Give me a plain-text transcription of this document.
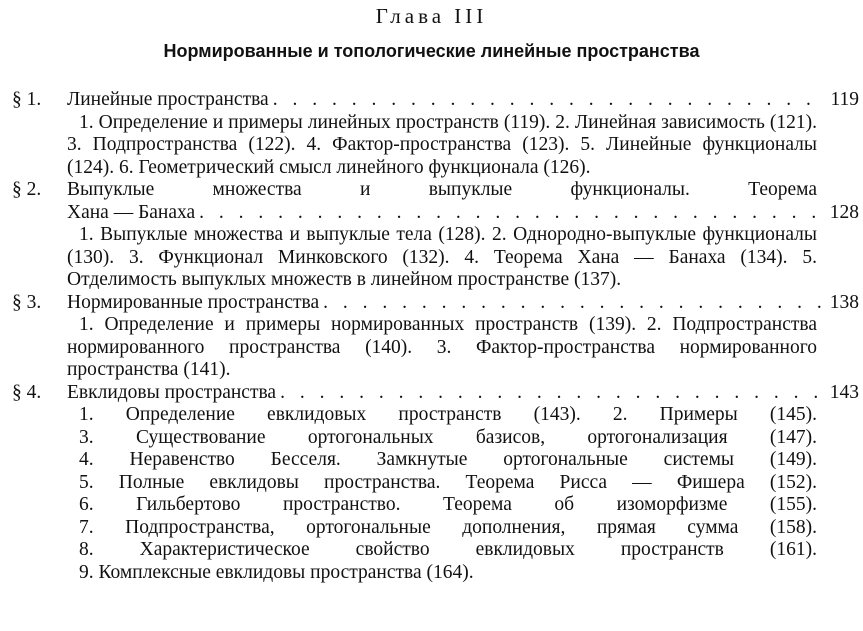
Глава III
Нормированные и топологические линейные пространства
§ 1. Линейные пространства . . .	119
1. Определение и примеры линейных пространств (119). 2. Линейная зависимость (121). 3. Подпространства (122). 4. Фактор-пространства (123). 5. Линейные функционалы (124). 6. Геометрический смысл линейного функционала (126).
§ 2. Выпуклые множества и выпуклые функционалы. Теорема
Хана — Банаха . . .	128
1. Выпуклые множества и выпуклые тела (128). 2. Однородно-выпуклые функционалы (130). 3. Функционал Минковского (132). 4. Теорема Хана — Банаха (134). 5. Отделимость выпуклых множеств в линейном пространстве (137).
§ 3. Нормированные пространства . . .	138
1. Определение и примеры нормированных пространств (139). 2. Подпространства нормированного пространства (140). 3. Фактор-пространства нормированного пространства (141).
§ 4. Евклидовы пространства . . .	143
1. Определение евклидовых пространств (143). 2. Примеры (145).
3. Существование ортогональных базисов, ортогонализация (147).
4. Неравенство Бесселя. Замкнутые ортогональные системы (149).
5. Полные евклидовы пространства. Теорема Рисса — Фишера (152).
6. Гильбертово пространство. Теорема об изоморфизме (155).
7. Подпространства, ортогональные дополнения, прямая сумма (158).
8. Характеристическое свойство евклидовых пространств (161).
9. Комплексные евклидовы пространства (164).
